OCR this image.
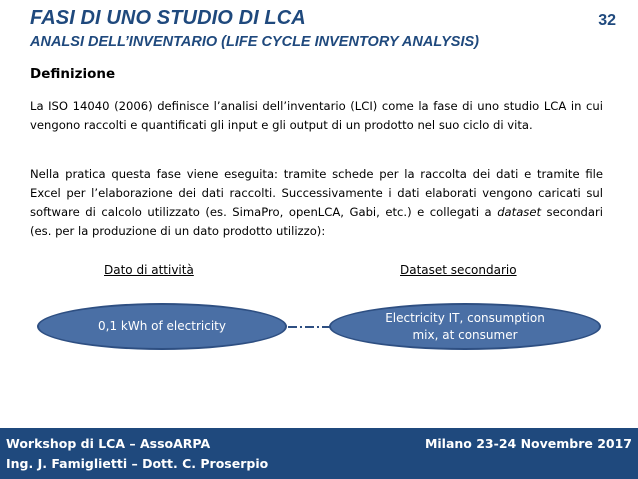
FASI DI UNO STUDIO DI LCA
ANALSI DELL’INVENTARIO (LIFE CYCLE INVENTORY ANALYSIS)
32
Definizione

La ISO 14040 (2006) definisce l’analisi dell’inventario (LCI) come la fase di uno studio LCA in cui vengono raccolti e quantificati gli input e gli output di un prodotto nel suo ciclo di vita.

Nella pratica questa fase viene eseguita: tramite schede per la raccolta dei dati e tramite file Excel per l’elaborazione dei dati raccolti. Successivamente i dati elaborati vengono caricati sul software di calcolo utilizzato (es. SimaPro, openLCA, Gabi, etc.) e collegati a dataset secondari (es. per la produzione di un dato prodotto utilizzo):

Dato di attività	Dataset secondario
0,1 kWh of electricity
Electricity IT, consumption
mix, at consumer
Workshop di LCA – AssoARPA
Ing. J. Famiglietti – Dott. C. Proserpio
Milano 23-24 Novembre 2017
